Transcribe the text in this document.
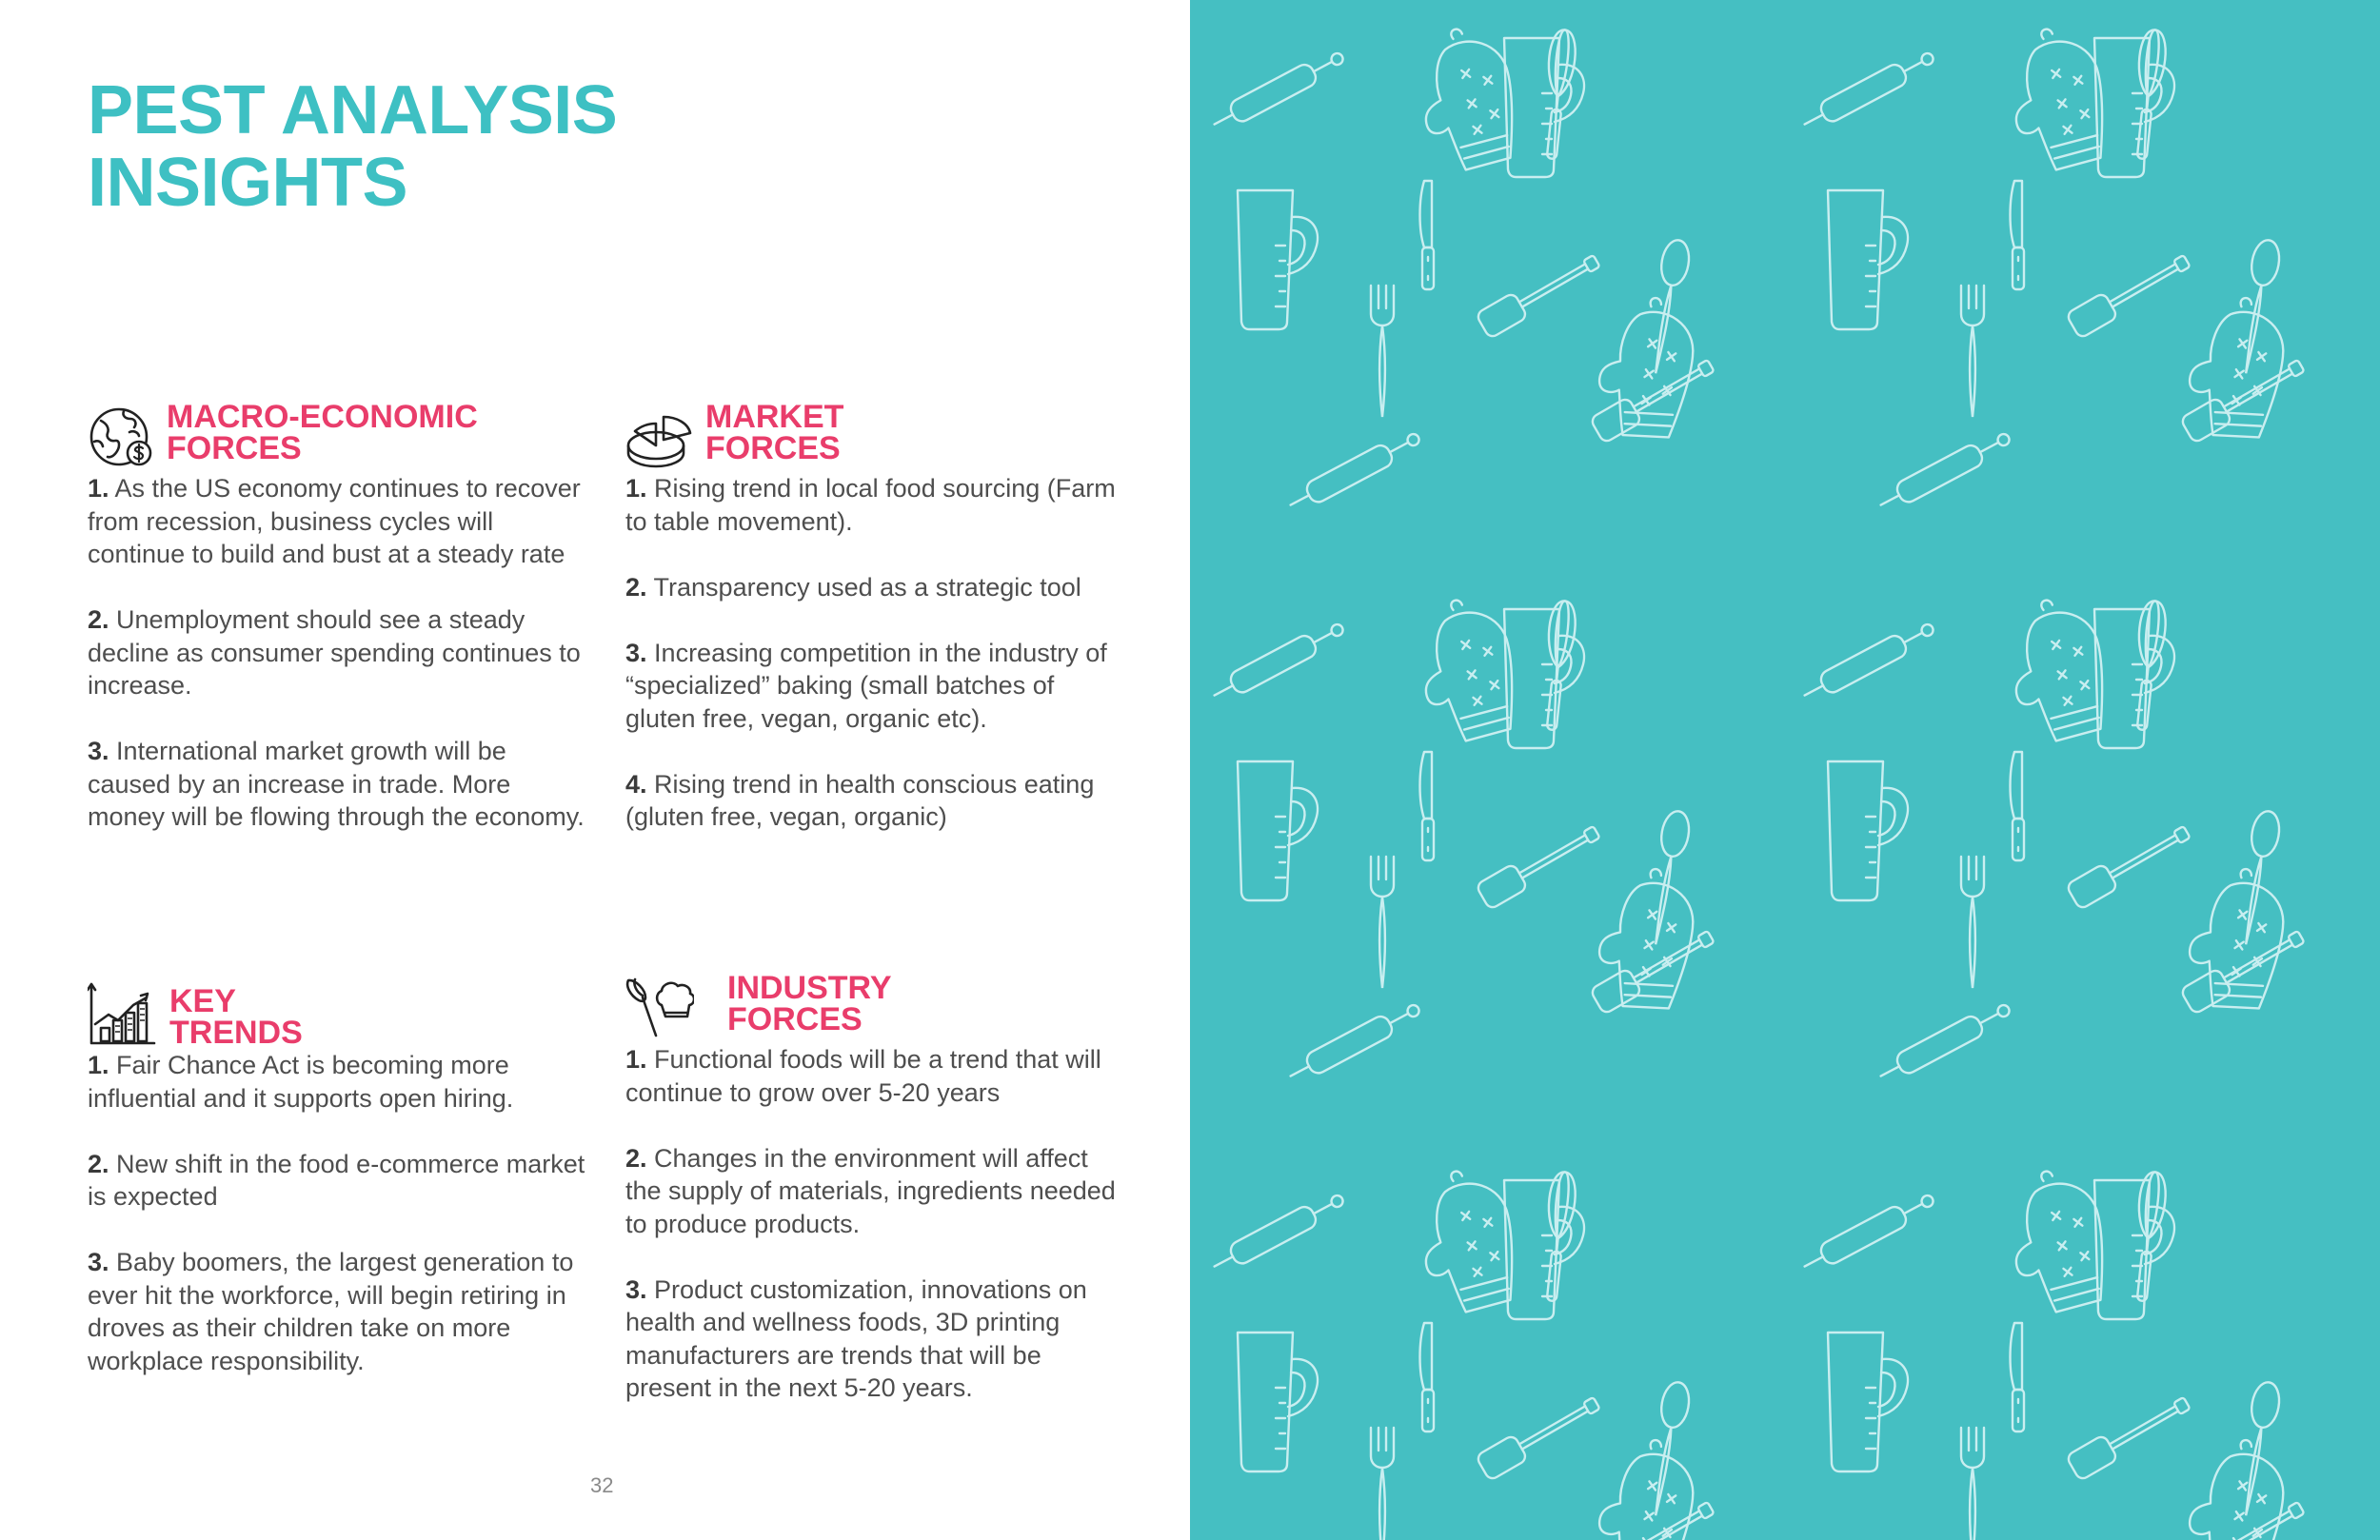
PEST ANALYSIS
INSIGHTS
MACRO-ECONOMIC
FORCES
1. As the US economy continues to recover from recession, business cycles will continue to build and bust at a steady rate
2. Unemployment should see a steady decline as consumer spending continues to increase.
3. International market growth will be caused by an increase in trade. More money will be flowing through the economy.
MARKET
FORCES
1. Rising trend in local food sourcing (Farm to table movement).
2. Transparency used as a strategic tool
3. Increasing competition in the industry of “specialized” baking (small batches of gluten free, vegan, organic etc).
4. Rising trend in health conscious eating (gluten free, vegan, organic)
KEY
TRENDS
1. Fair Chance Act is becoming more influential and it supports open hiring.
2. New shift in the food e-commerce market is expected
3. Baby boomers, the largest generation to ever hit the workforce, will begin retiring in droves as their children take on more workplace responsibility.
INDUSTRY
FORCES
1. Functional foods will be a trend that will continue to grow over 5-20 years
2. Changes in the environment will affect the supply of materials, ingredients needed to produce products.
3. Product customization, innovations on health and wellness foods, 3D printing manufacturers are trends that will be present in the next 5-20 years.
32
